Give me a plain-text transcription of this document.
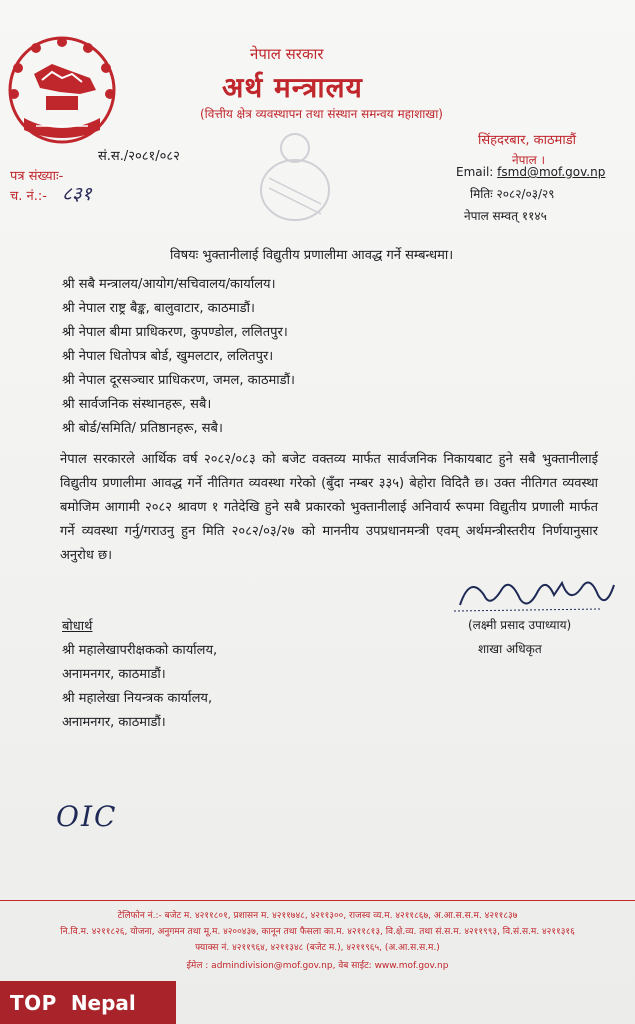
नेपाल सरकार
अर्थ मन्त्रालय
(वित्तीय क्षेत्र व्यवस्थापन तथा संस्थान समन्वय महाशाखा)
सिंहदरबार, काठमाडौं
नेपाल ।
सं.स./२०८१/०८२
पत्र संख्याः-
च. नं.:- ८३१
Email: fsmd@mof.gov.np
मितिः २०८२/०३/२९
नेपाल सम्वत् ११४५
विषयः भुक्तानीलाई विद्युतीय प्रणालीमा आवद्ध गर्ने सम्बन्धमा।
श्री सबै मन्त्रालय/आयोग/सचिवालय/कार्यालय।
श्री नेपाल राष्ट्र बैङ्क, बालुवाटार, काठमाडौं।
श्री नेपाल बीमा प्राधिकरण, कुपण्डोल, ललितपुर।
श्री नेपाल धितोपत्र बोर्ड, खुमलटार, ललितपुर।
श्री नेपाल दूरसञ्चार प्राधिकरण, जमल, काठमाडौं।
श्री सार्वजनिक संस्थानहरू, सबै।
श्री बोर्ड/समिति/ प्रतिष्ठानहरू, सबै।
नेपाल सरकारले आर्थिक वर्ष २०८२/०८३ को बजेट वक्तव्य मार्फत सार्वजनिक निकायबाट हुने सबै भुक्तानीलाई विद्युतीय प्रणालीमा आवद्ध गर्ने नीतिगत व्यवस्था गरेको (बुँदा नम्बर ३३५) बेहोरा विदितै छ। उक्त नीतिगत व्यवस्था बमोजिम आगामी २०८२ श्रावण १ गतेदेखि हुने सबै प्रकारको भुक्तानीलाई अनिवार्य रूपमा विद्युतीय प्रणाली मार्फत गर्ने व्यवस्था गर्नु/गराउनु हुन मिति २०८२/०३/२७ को माननीय उपप्रधानमन्त्री एवम् अर्थमन्त्रीस्तरीय निर्णयानुसार अनुरोध छ।
(लक्ष्मी प्रसाद उपाध्याय)
शाखा अधिकृत
बोधार्थ
श्री महालेखापरीक्षकको कार्यालय,
अनामनगर, काठमाडौं।
श्री महालेखा नियन्त्रक कार्यालय,
अनामनगर, काठमाडौं।
OIC
टेलिफोन नं.:- बजेट म. ४२११८०१, प्रशासन म. ४२११७४८, ४२११३००, राजस्व व्य.म. ४२११८६७, अ.आ.स.स.म. ४२११८३७
नि.वि.म. ४२११८२६, योजना, अनुगमन तथा मू.म. ४२००४३७, कानून तथा फैसला का.म. ४२११८१३, वि.क्षे.व्य. तथा सं.स.म. ४२११९९३, वि.सं.स.म. ४२११३१६
फ्याक्स नं. ४२११९६४, ४२११३४८ (बजेट म.), ४२११९६५, (अ.आ.स.स.म.)
ईमेल : admindivision@mof.gov.np, वेब साईट: www.mof.gov.np
TOP Nepal
